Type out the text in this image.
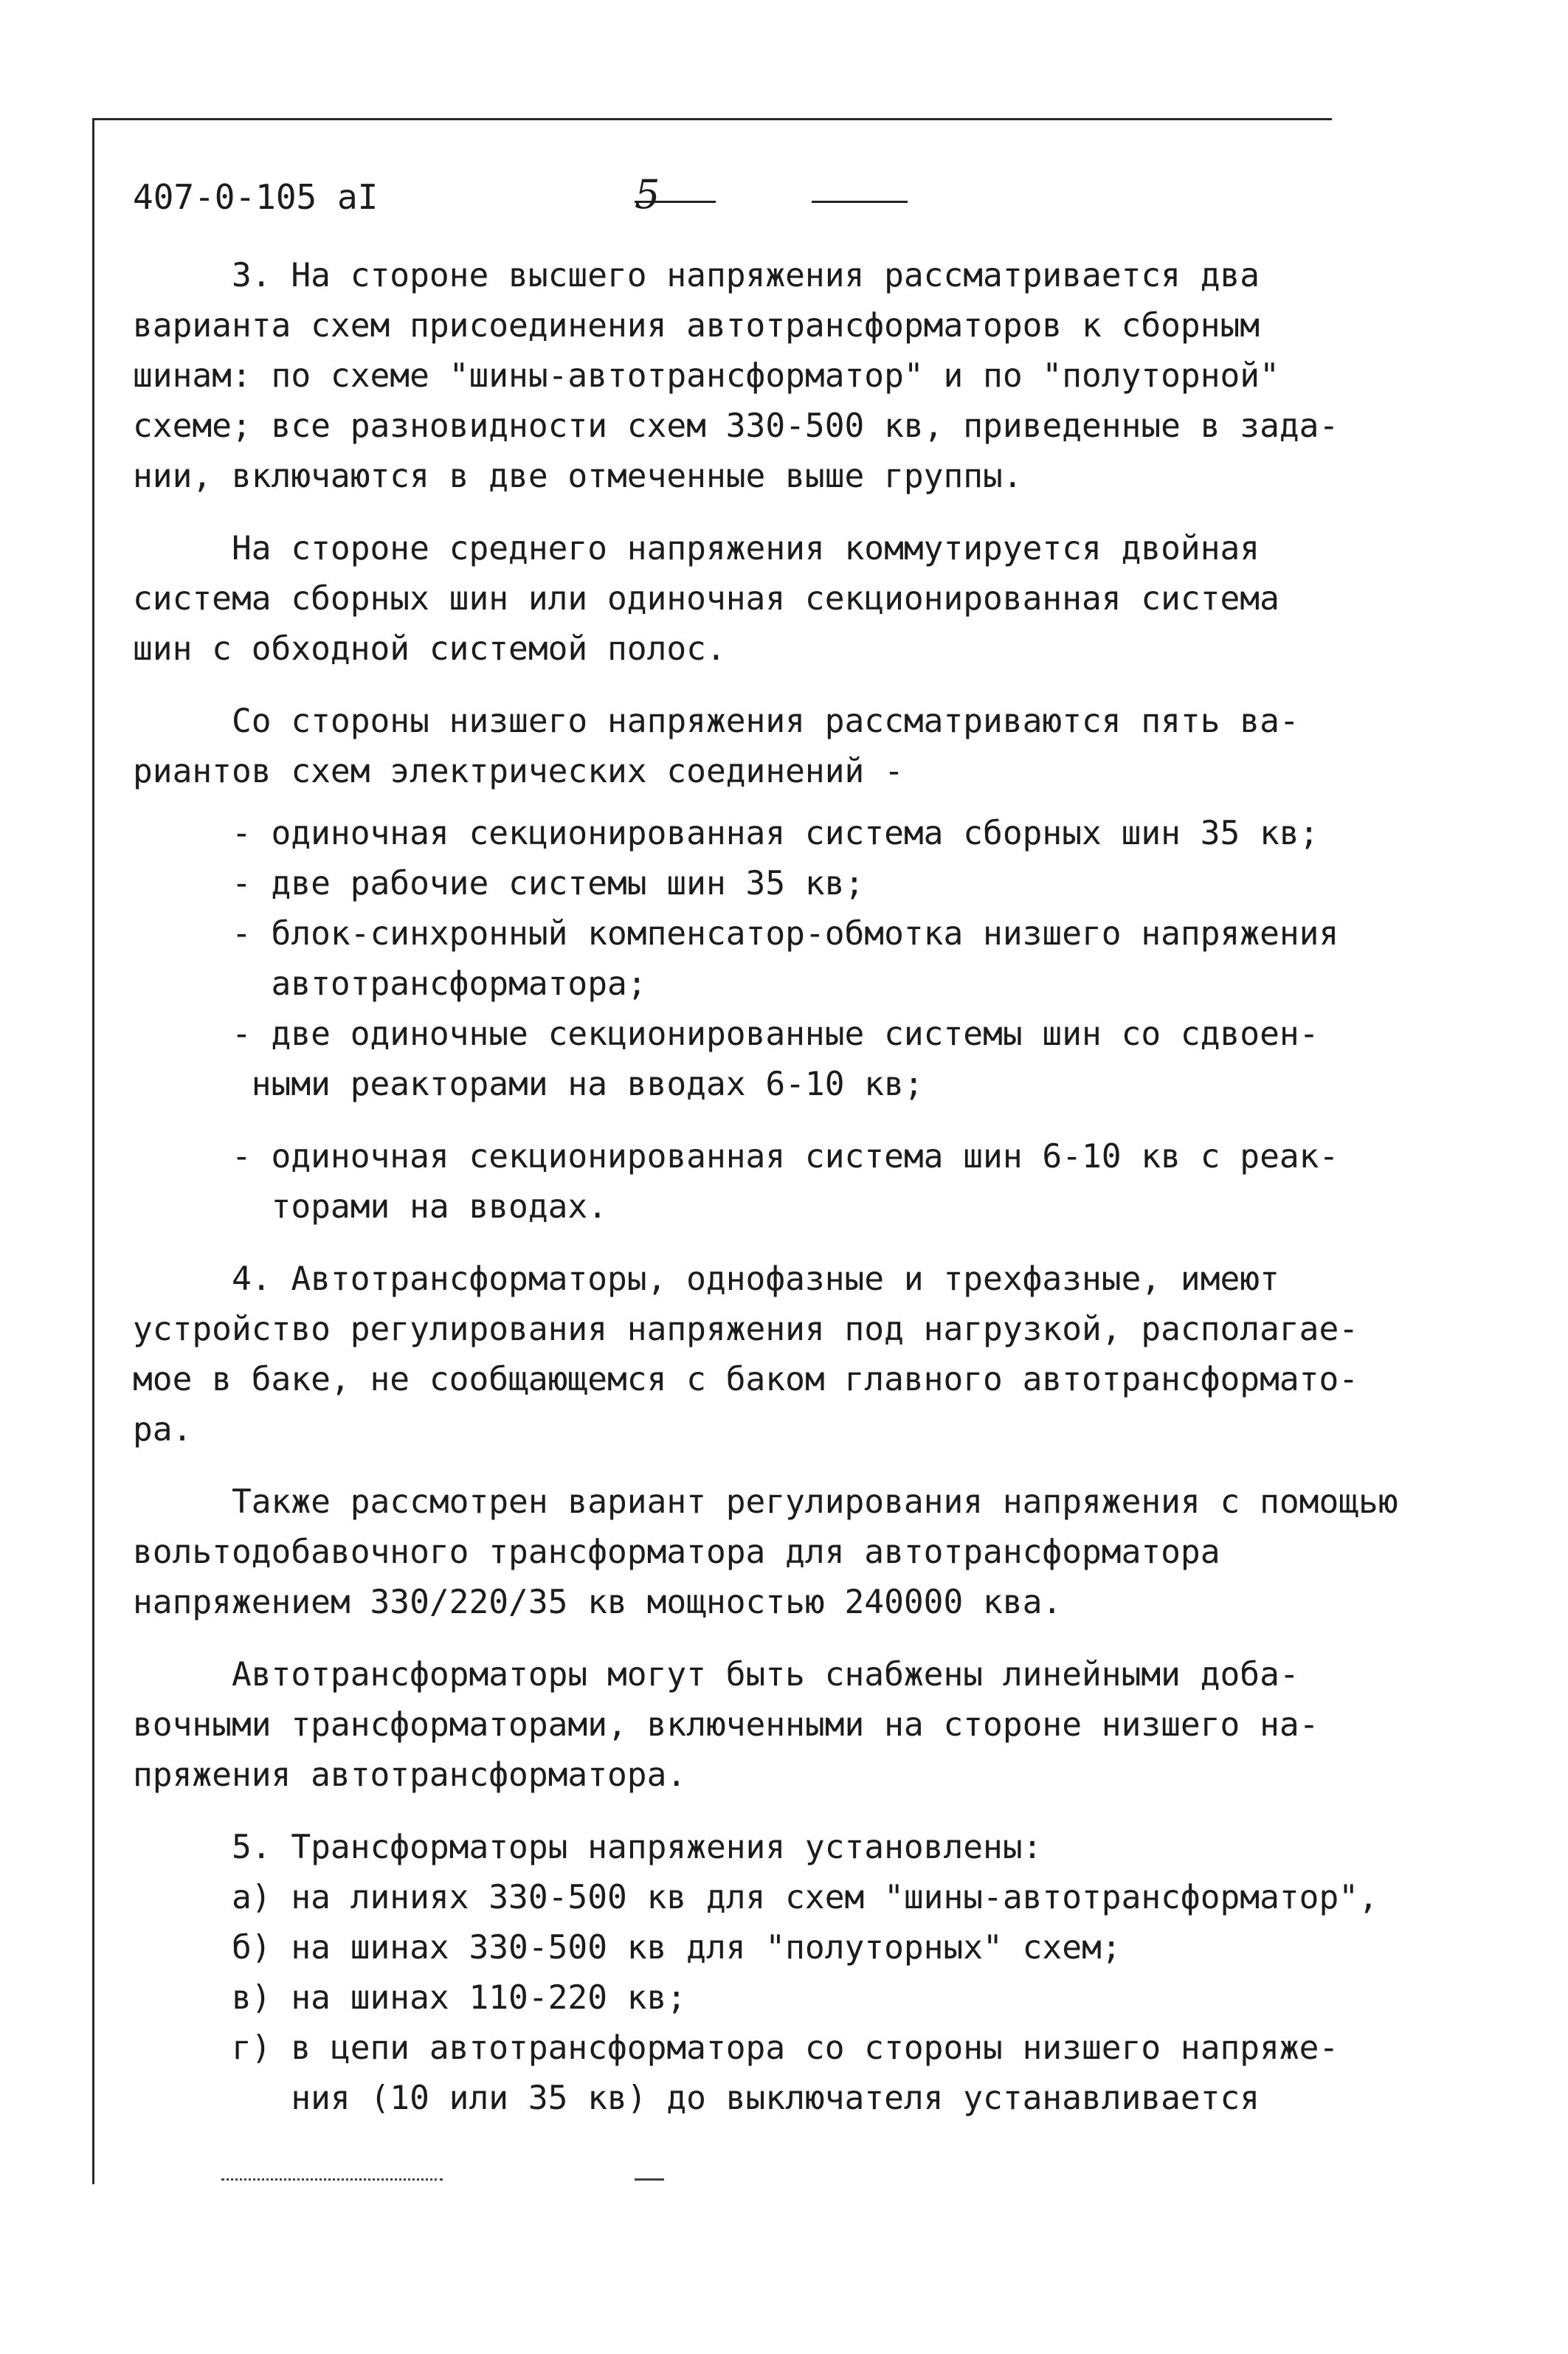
407-0-105 aI	5

3. На стороне высшего напряжения рассматривается два

варианта схем присоединения автотрансформаторов к сборным

шинам: по схеме "шины-автотрансформатор" и по "полуторной"

схеме; все разновидности схем 330-500 кв, приведенные в зада-

нии, включаются в две отмеченные выше группы.

На стороне среднего напряжения коммутируется двойная

система сборных шин или одиночная секционированная система

шин с обходной системой полос.

Со стороны низшего напряжения рассматриваются пять ва-

риантов схем электрических соединений -

- одиночная секционированная система сборных шин 35 кв;

- две рабочие системы шин 35 кв;

- блок-синхронный компенсатор-обмотка низшего напряжения

автотрансформатора;

- две одиночные секционированные системы шин со сдвоен-

ными реакторами на вводах 6-10 кв;

- одиночная секционированная система шин 6-10 кв с реак-

торами на вводах.

4. Автотрансформаторы, однофазные и трехфазные, имеют

устройство регулирования напряжения под нагрузкой, располагае-

мое в баке, не сообщающемся с баком главного автотрансформато-

ра.

Также рассмотрен вариант регулирования напряжения с помощью

вольтодобавочного трансформатора для автотрансформатора

напряжением 330/220/35 кв мощностью 240000 ква.

Автотрансформаторы могут быть снабжены линейными доба-

вочными трансформаторами, включенными на стороне низшего на-

пряжения автотрансформатора.

5. Трансформаторы напряжения установлены:

а) на линиях 330-500 кв для схем "шины-автотрансформатор",

б) на шинах 330-500 кв для "полуторных" схем;

в) на шинах 110-220 кв;

г) в цепи автотрансформатора со стороны низшего напряже-

ния (10 или 35 кв) до выключателя устанавливается
